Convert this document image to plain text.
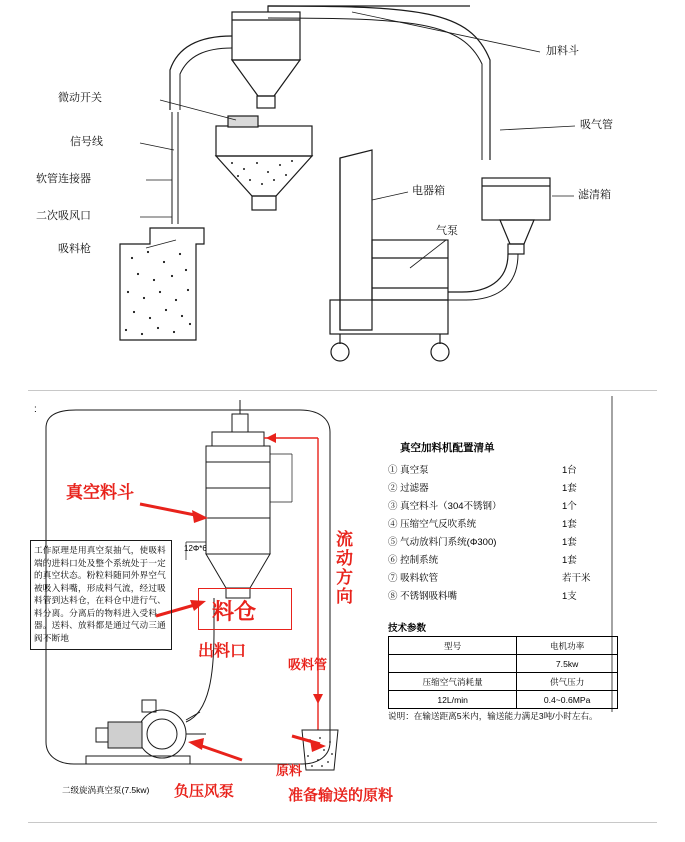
加料斗
微动开关
信号线
软管连接器
二次吸风口
吸料枪
吸气管
滤清箱
电器箱
气泵
:
工作原理是用真空泵抽气，使吸料端的进料口处及整个系统处于一定的真空状态。粉粒料随同外界空气被吸入料嘴，形成料气流，经过吸料管到达料仓，在料仓中进行气、料分离。分离后的物料进入受料器。送料、放料都是通过气动三通阀不断地
真空料斗
流动方向
料仓
出料口
吸料管
原料
准备输送的原料
负压风泵
二级旋涡真空泵(7.5kw)
12Φ*6
真空加料机配置清单
① 真空泵	1台
② 过滤器	1套
③ 真空料斗（304不锈钢）	1个
④ 压缩空气反吹系统	1套
⑤ 气动放料门系统(Φ300)	1套
⑥ 控制系统	1套
⑦ 吸料软管	若干米
⑧ 不锈钢吸料嘴	1支
技术参数
型号	电机功率
	7.5kw
压缩空气消耗量	供气压力
12L/min	0.4~0.6MPa
说明：在输送距离5米内，输送能力满足3吨/小时左右。
